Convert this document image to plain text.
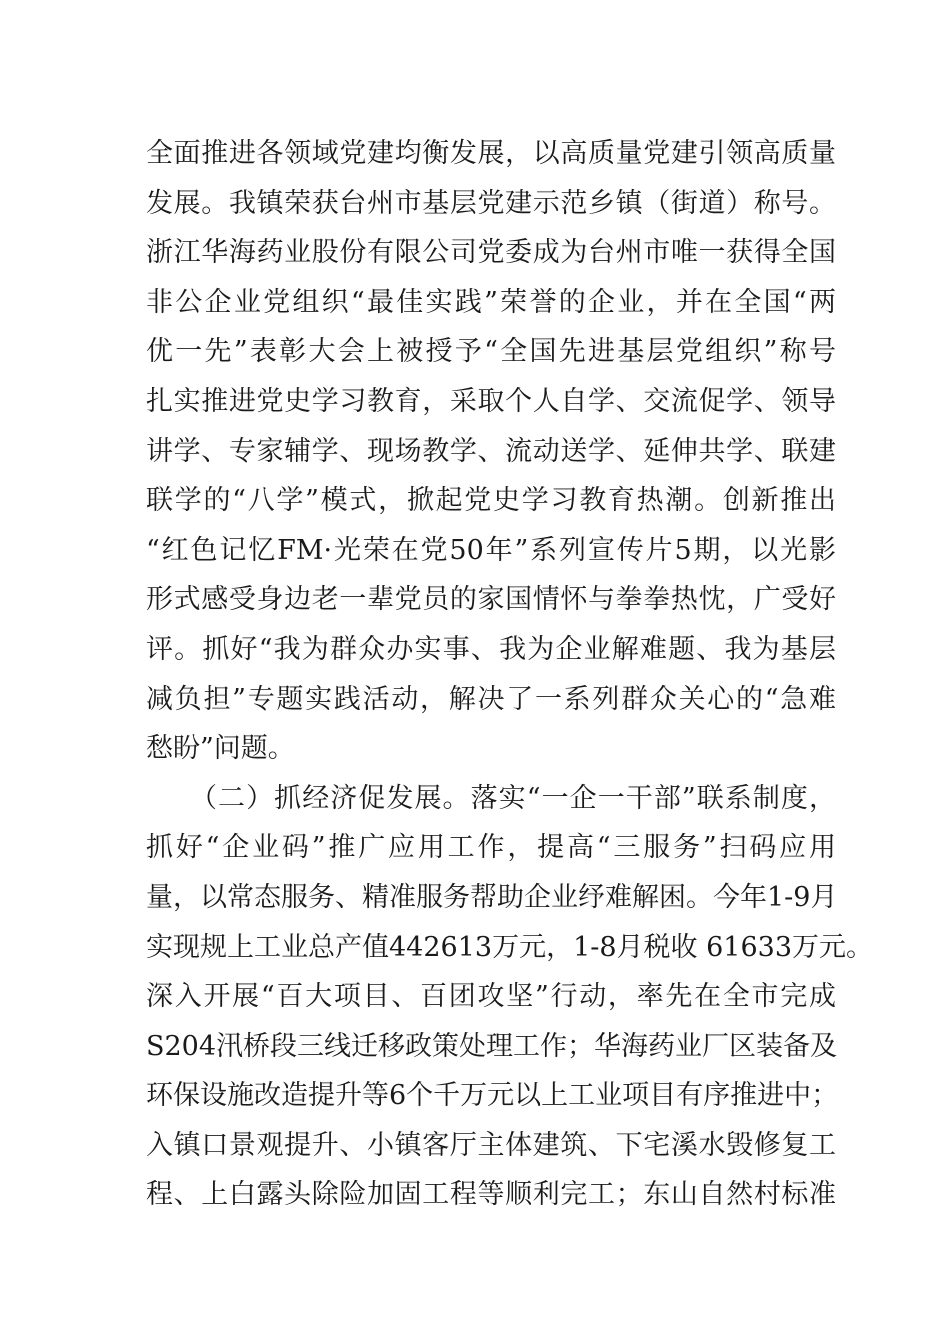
全面推进各领域党建均衡发展，以高质量党建引领高质量
发展。我镇荣获台州市基层党建示范乡镇（街道）称号。
浙江华海药业股份有限公司党委成为台州市唯一获得全国
非公企业党组织“最佳实践”荣誉的企业，并在全国“两
优一先”表彰大会上被授予“全国先进基层党组织”称号
扎实推进党史学习教育，采取个人自学、交流促学、领导
讲学、专家辅学、现场教学、流动送学、延伸共学、联建
联学的“八学”模式，掀起党史学习教育热潮。创新推出
“红色记忆FM·光荣在党50年”系列宣传片5期，以光影
形式感受身边老一辈党员的家国情怀与拳拳热忱，广受好
评。抓好“我为群众办实事、我为企业解难题、我为基层
减负担”专题实践活动，解决了一系列群众关心的“急难
愁盼”问题。
（二）抓经济促发展。落实“一企一干部”联系制度，
抓好“企业码”推广应用工作，提高“三服务”扫码应用
量，以常态服务、精准服务帮助企业纾难解困。今年1-9月
实现规上工业总产值442613万元，1-8月税收 61633万元。
深入开展“百大项目、百团攻坚”行动，率先在全市完成
S204汛桥段三线迁移政策处理工作；华海药业厂区装备及
环保设施改造提升等6个千万元以上工业项目有序推进中；
入镇口景观提升、小镇客厅主体建筑、下宅溪水毁修复工
程、上白露头除险加固工程等顺利完工；东山自然村标准
